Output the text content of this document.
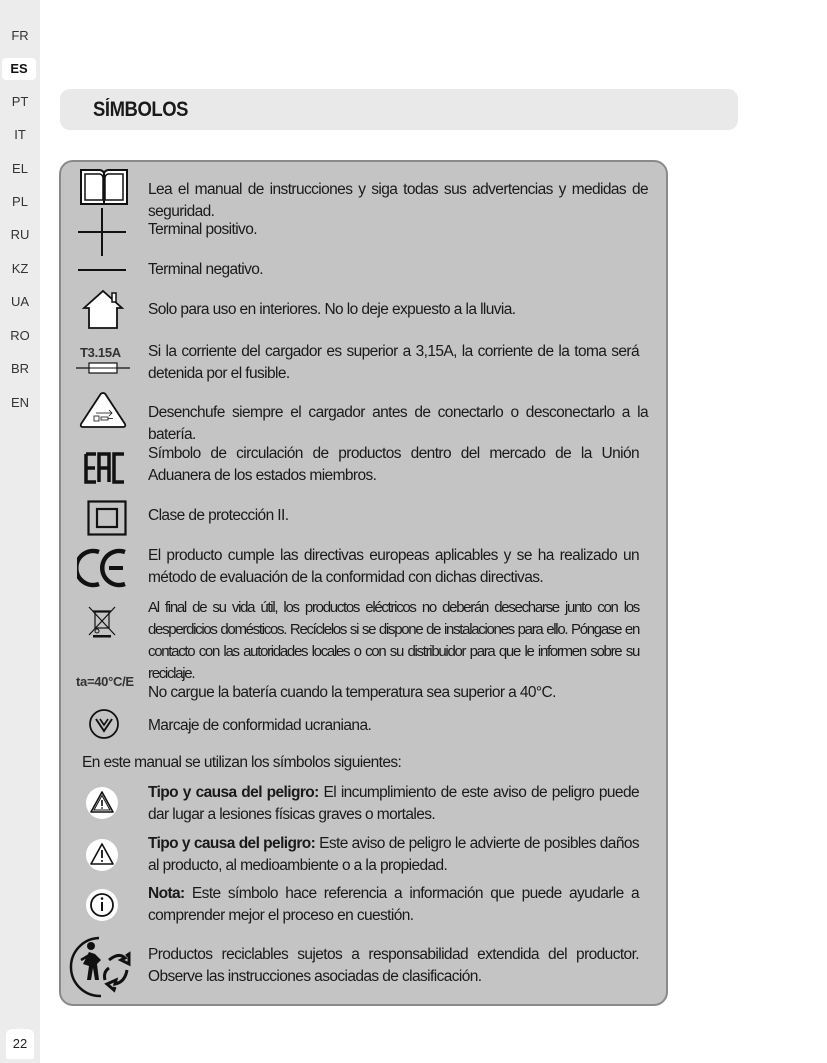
FR
ES
PT
IT
EL
PL
RU
KZ
UA
RO
BR
EN
22
SÍMBOLOS
Lea el manual de instrucciones y siga todas sus advertencias y medidas de seguridad.
Terminal positivo.
Terminal negativo.
Solo para uso en interiores. No lo deje expuesto a la lluvia.
T3.15A Si la corriente del cargador es superior a 3,15A, la corriente de la toma será detenida por el fusible.
Desenchufe siempre el cargador antes de conectarlo o desconectarlo a la batería.
Símbolo de circulación de productos dentro del mercado de la Unión Aduanera de los estados miembros.
Clase de protección II.
El producto cumple las directivas europeas aplicables y se ha realizado un método de evaluación de la conformidad con dichas directivas.
Al final de su vida útil, los productos eléctricos no deberán desecharse junto con los desperdicios domésticos. Recíclelos si se dispone de instalaciones para ello. Póngase en contacto con las autoridades locales o con su distribuidor para que le informen sobre su reciclaje.
ta=40°C/E
No cargue la batería cuando la temperatura sea superior a 40°C.
Marcaje de conformidad ucraniana.
En este manual se utilizan los símbolos siguientes:
Tipo y causa del peligro: El incumplimiento de este aviso de peligro puede dar lugar a lesiones físicas graves o mortales.
Tipo y causa del peligro: Este aviso de peligro le advierte de posibles daños al producto, al medioambiente o a la propiedad.
Nota: Este símbolo hace referencia a información que puede ayudarle a comprender mejor el proceso en cuestión.
Productos reciclables sujetos a responsabilidad extendida del productor. Observe las instrucciones asociadas de clasificación.
